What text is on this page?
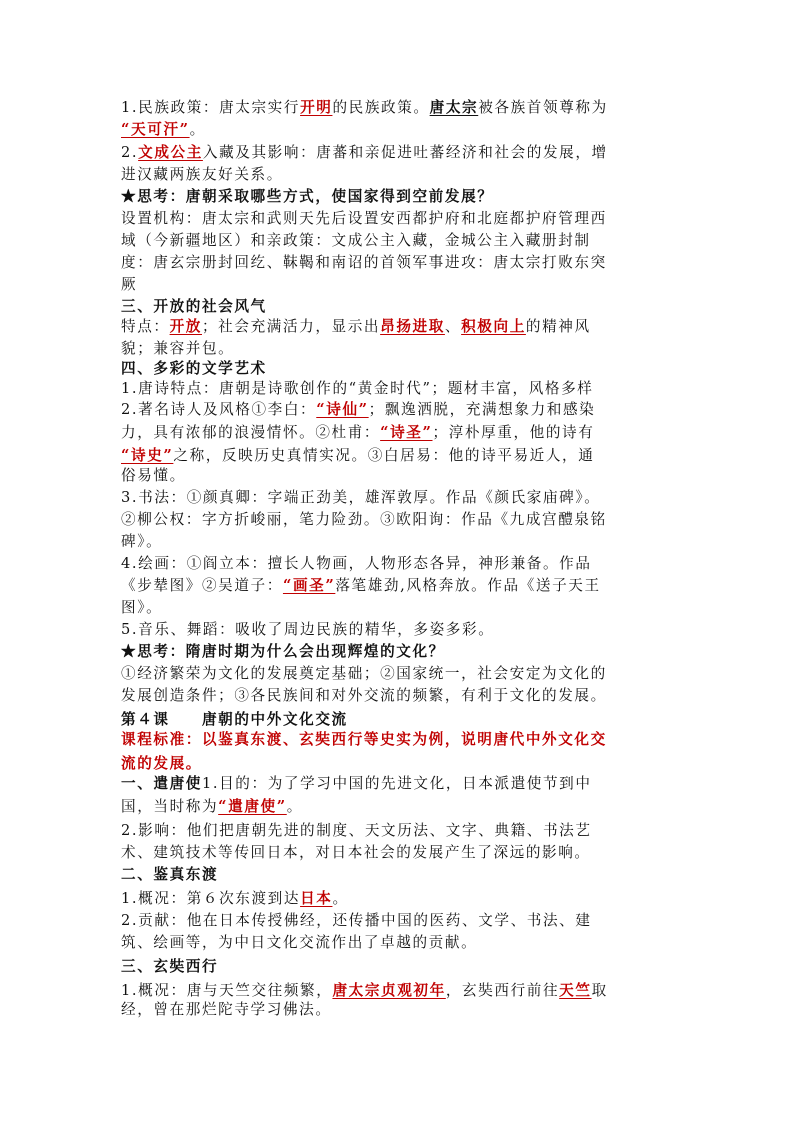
1.民族政策：唐太宗实行开明的民族政策。唐太宗被各族首领尊称为
“天可汗”。
2.文成公主入藏及其影响：唐蕃和亲促进吐蕃经济和社会的发展，增
进汉藏两族友好关系。
★思考：唐朝采取哪些方式，使国家得到空前发展？
设置机构：唐太宗和武则天先后设置安西都护府和北庭都护府管理西
域（今新疆地区）和亲政策：文成公主入藏，金城公主入藏册封制
度：唐玄宗册封回纥、靺鞨和南诏的首领军事进攻：唐太宗打败东突
厥
三、开放的社会风气
特点：开放；社会充满活力，显示出昂扬进取、积极向上的精神风
貌；兼容并包。
四、多彩的文学艺术
1.唐诗特点：唐朝是诗歌创作的“黄金时代”；题材丰富，风格多样
2.著名诗人及风格①李白：“诗仙”；飘逸洒脱，充满想象力和感染
力，具有浓郁的浪漫情怀。②杜甫：“诗圣”；淳朴厚重，他的诗有
“诗史”之称，反映历史真情实况。③白居易：他的诗平易近人，通
俗易懂。
3.书法：①颜真卿：字端正劲美，雄浑敦厚。作品《颜氏家庙碑》。
②柳公权：字方折峻丽，笔力险劲。③欧阳询：作品《九成宫醴泉铭
碑》。
4.绘画：①阎立本：擅长人物画，人物形态各异，神形兼备。作品
《步辇图》②吴道子：“画圣”落笔雄劲,风格奔放。作品《送子天王
图》。
5.音乐、舞蹈：吸收了周边民族的精华，多姿多彩。
★思考：隋唐时期为什么会出现辉煌的文化？
①经济繁荣为文化的发展奠定基础；②国家统一，社会安定为文化的
发展创造条件；③各民族间和对外交流的频繁，有利于文化的发展。
第４课　　唐朝的中外文化交流
课程标准：以鉴真东渡、玄奘西行等史实为例，说明唐代中外文化交
流的发展。
一、遣唐使1.目的：为了学习中国的先进文化，日本派遣使节到中
国，当时称为“遣唐使”。
2.影响：他们把唐朝先进的制度、天文历法、文字、典籍、书法艺
术、建筑技术等传回日本，对日本社会的发展产生了深远的影响。
二、鉴真东渡
1.概况：第６次东渡到达日本。
2.贡献：他在日本传授佛经，还传播中国的医药、文学、书法、建
筑、绘画等，为中日文化交流作出了卓越的贡献。
三、玄奘西行
1.概况：唐与天竺交往频繁，唐太宗贞观初年，玄奘西行前往天竺取
经，曾在那烂陀寺学习佛法。
